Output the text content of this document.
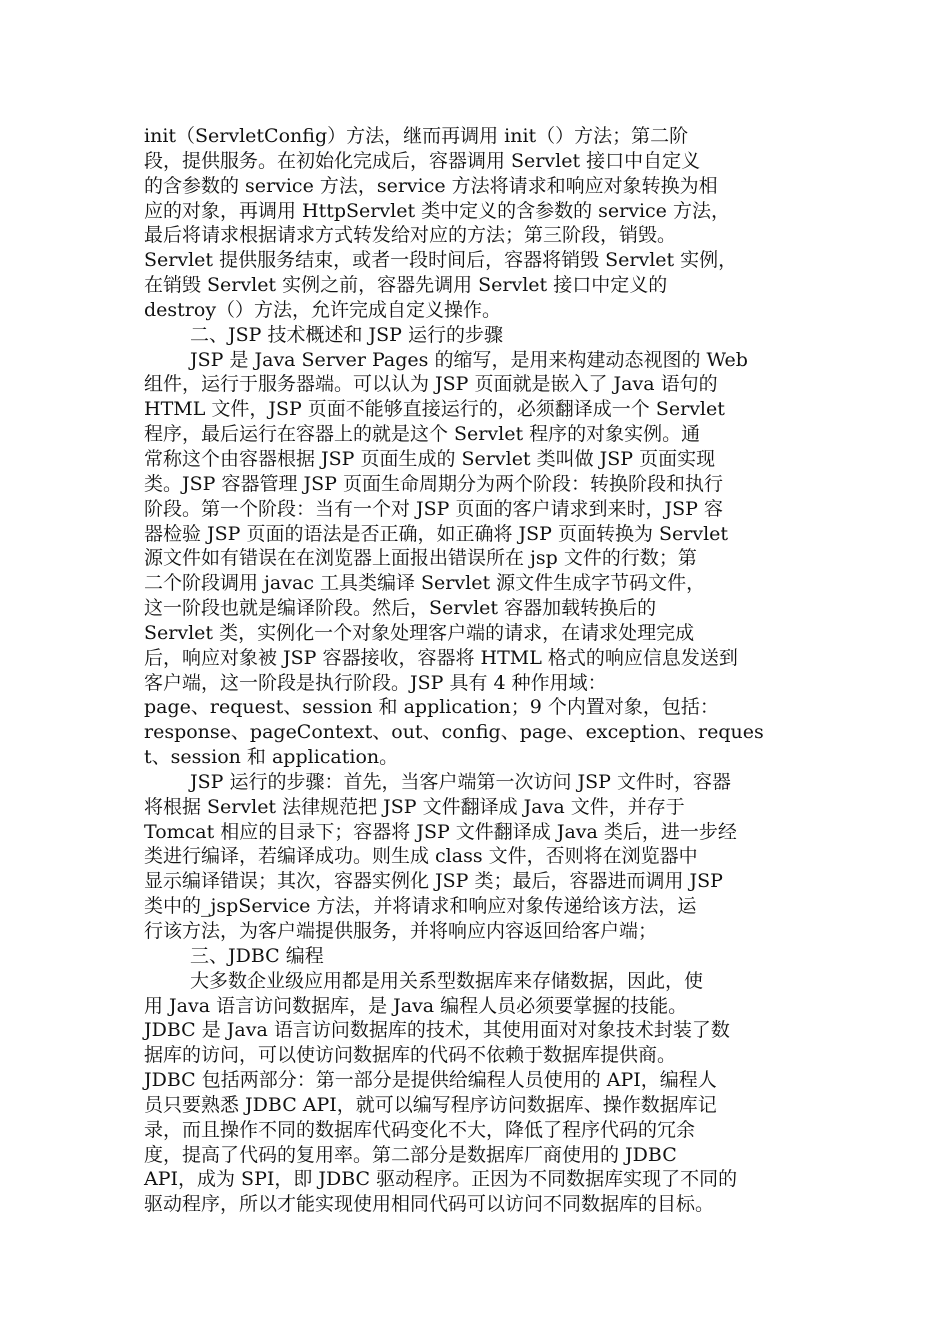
init（ServletConfig）方法，继而再调用 init（）方法；第二阶
段，提供服务。在初始化完成后，容器调用 Servlet 接口中自定义
的含参数的 service 方法，service 方法将请求和响应对象转换为相
应的对象，再调用 HttpServlet 类中定义的含参数的 service 方法，
最后将请求根据请求方式转发给对应的方法；第三阶段，销毁。
Servlet 提供服务结束，或者一段时间后，容器将销毁 Servlet 实例，
在销毁 Servlet 实例之前，容器先调用 Servlet 接口中定义的
destroy（）方法，允许完成自定义操作。
二、JSP 技术概述和 JSP 运行的步骤
JSP 是 Java Server Pages 的缩写，是用来构建动态视图的 Web
组件，运行于服务器端。可以认为 JSP 页面就是嵌入了 Java 语句的
HTML 文件，JSP 页面不能够直接运行的，必须翻译成一个 Servlet
程序，最后运行在容器上的就是这个 Servlet 程序的对象实例。通
常称这个由容器根据 JSP 页面生成的 Servlet 类叫做 JSP 页面实现
类。JSP 容器管理 JSP 页面生命周期分为两个阶段：转换阶段和执行
阶段。第一个阶段：当有一个对 JSP 页面的客户请求到来时，JSP 容
器检验 JSP 页面的语法是否正确，如正确将 JSP 页面转换为 Servlet
源文件如有错误在在浏览器上面报出错误所在 jsp 文件的行数；第
二个阶段调用 javac 工具类编译 Servlet 源文件生成字节码文件，
这一阶段也就是编译阶段。然后，Servlet 容器加载转换后的
Servlet 类，实例化一个对象处理客户端的请求，在请求处理完成
后，响应对象被 JSP 容器接收，容器将 HTML 格式的响应信息发送到
客户端，这一阶段是执行阶段。JSP 具有 4 种作用域：
page、request、session 和 application；9 个内置对象，包括：
response、pageContext、out、config、page、exception、reques
t、session 和 application。
JSP 运行的步骤：首先，当客户端第一次访问 JSP 文件时，容器
将根据 Servlet 法律规范把 JSP 文件翻译成 Java 文件，并存于
Tomcat 相应的目录下；容器将 JSP 文件翻译成 Java 类后，进一步经
类进行编译，若编译成功。则生成 class 文件，否则将在浏览器中
显示编译错误；其次，容器实例化 JSP 类；最后，容器进而调用 JSP
类中的_jspService 方法，并将请求和响应对象传递给该方法，运
行该方法，为客户端提供服务，并将响应内容返回给客户端；
三、JDBC 编程
大多数企业级应用都是用关系型数据库来存储数据，因此，使
用 Java 语言访问数据库，是 Java 编程人员必须要掌握的技能。
JDBC 是 Java 语言访问数据库的技术，其使用面对对象技术封装了数
据库的访问，可以使访问数据库的代码不依赖于数据库提供商。
JDBC 包括两部分：第一部分是提供给编程人员使用的 API，编程人
员只要熟悉 JDBC API，就可以编写程序访问数据库、操作数据库记
录，而且操作不同的数据库代码变化不大，降低了程序代码的冗余
度，提高了代码的复用率。第二部分是数据库厂商使用的 JDBC
API，成为 SPI，即 JDBC 驱动程序。正因为不同数据库实现了不同的
驱动程序，所以才能实现使用相同代码可以访问不同数据库的目标。
